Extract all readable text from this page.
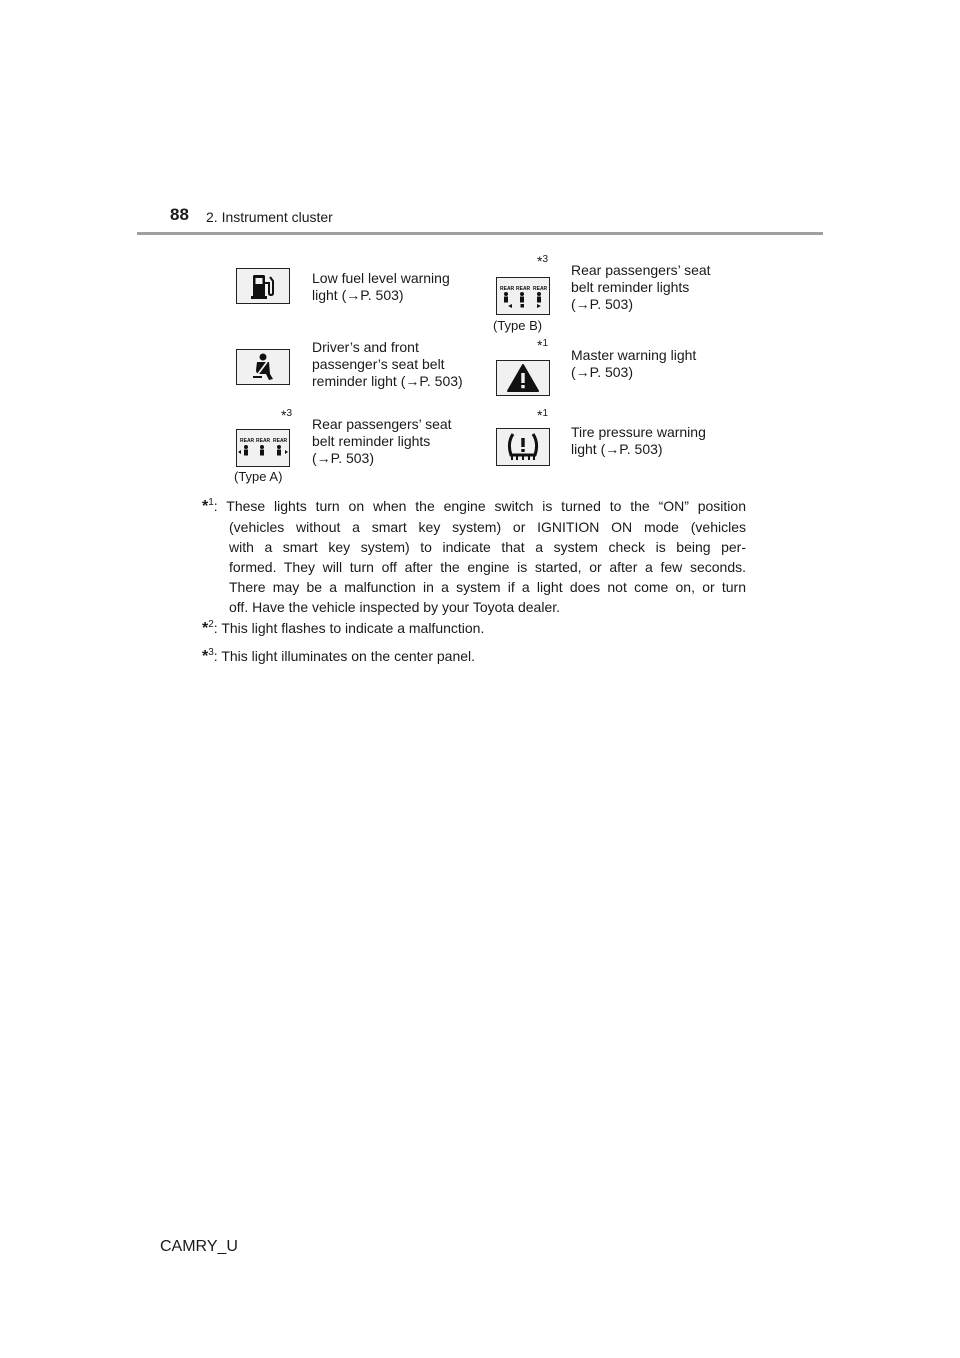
88 2. Instrument cluster
Low fuel level warning
light (→P. 503)
*$^3$
REAR REAR REAR
(Type B)
Rear passengers’ seat
belt reminder lights
(→P. 503)
Driver’s and front
passenger’s seat belt
reminder light (→P. 503)
*$^1$
Master warning light
(→P. 503)
*$^3$
REAR REAR REAR
(Type A)
Rear passengers’ seat
belt reminder lights
(→P. 503)
*$^1$
Tire pressure warning
light (→P. 503)
*$^1$: These lights turn on when the engine switch is turned to the “ON” position
(vehicles without a smart key system) or IGNITION ON mode (vehicles
with a smart key system) to indicate that a system check is being per-
formed. They will turn off after the engine is started, or after a few seconds.
There may be a malfunction in a system if a light does not come on, or turn
off. Have the vehicle inspected by your Toyota dealer.
*$^2$: This light flashes to indicate a malfunction.
*$^3$: This light illuminates on the center panel.
CAMRY_U
